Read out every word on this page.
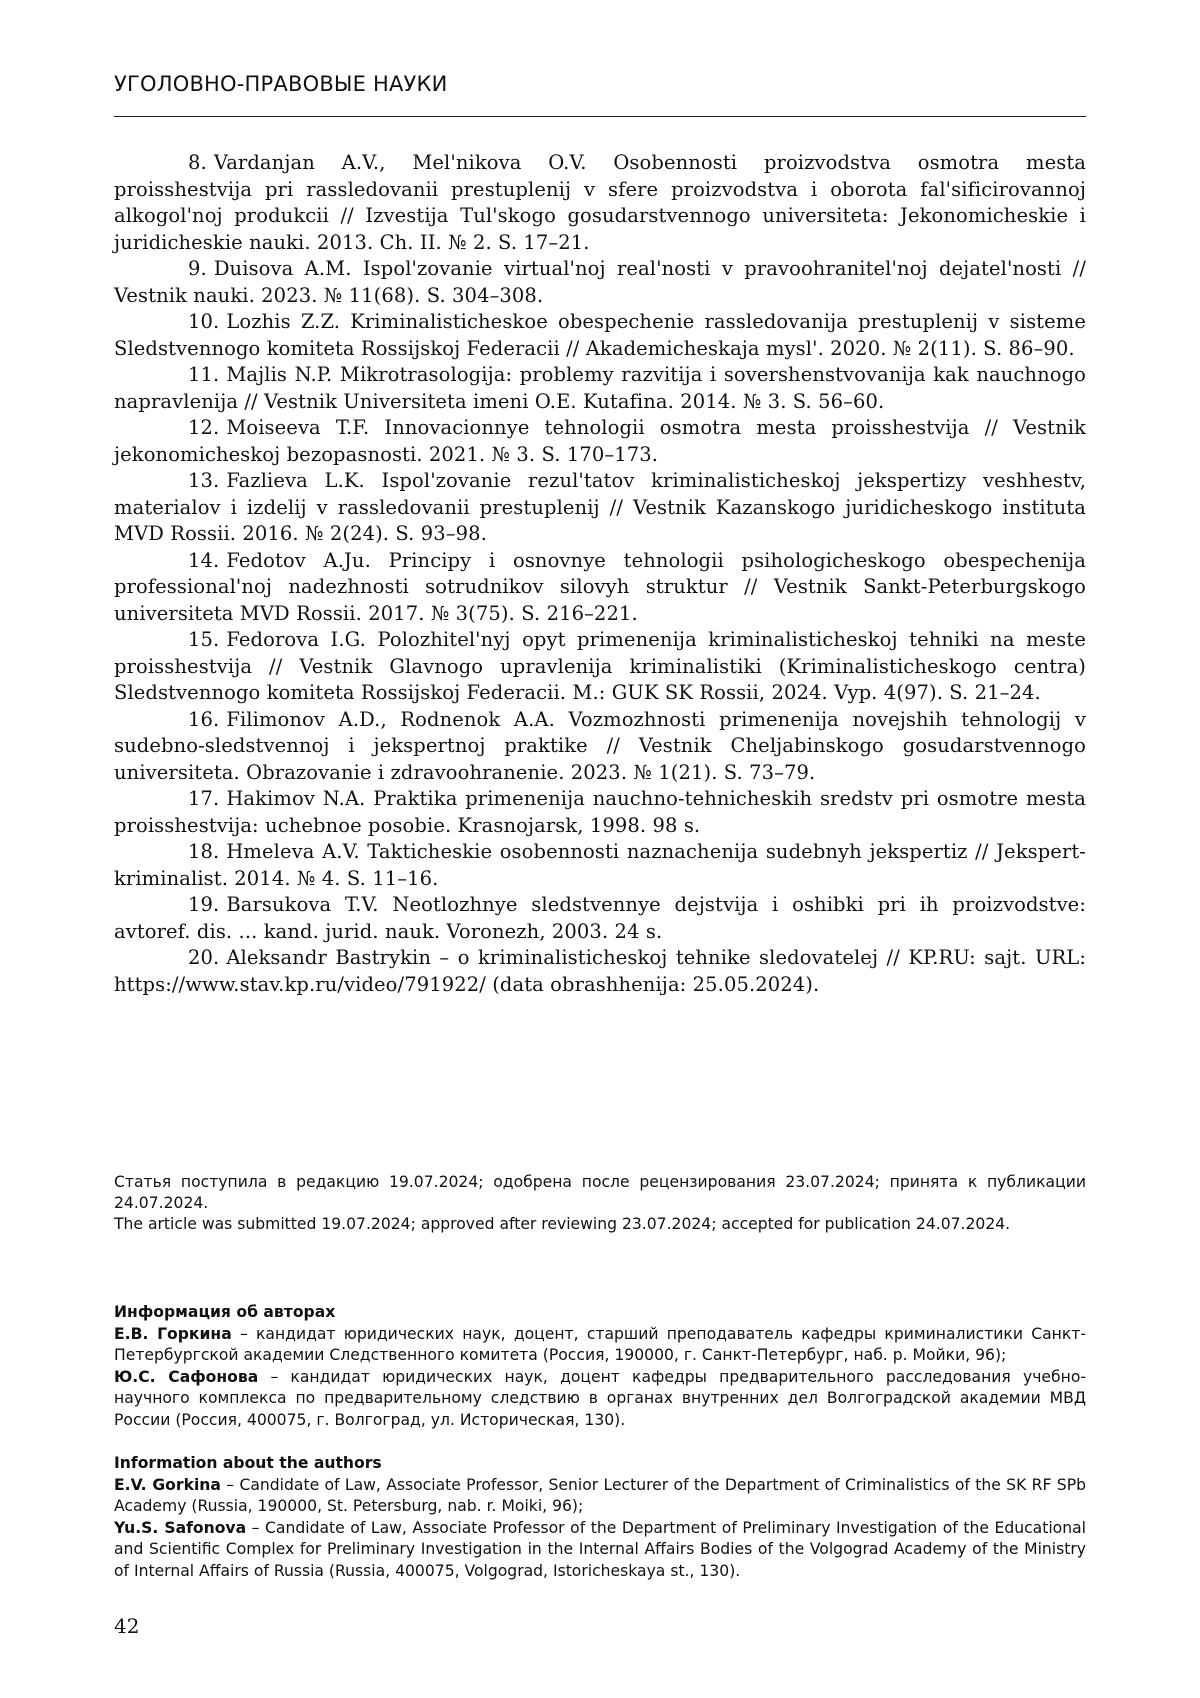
УГОЛОВНО-ПРАВОВЫЕ НАУКИ

8. Vardanjan A.V., Mel'nikova O.V. Osobennosti proizvodstva osmotra mesta proisshestvija pri rassledovanii prestuplenij v sfere proizvodstva i oborota fal'sificirovannoj alkogol'noj produkcii // Izvestija Tul'skogo gosudarstvennogo universiteta: Jekonomicheskie i juridicheskie nauki. 2013. Ch. II. № 2. S. 17–21.

9. Duisova A.M. Ispol'zovanie virtual'noj real'nosti v pravoohranitel'noj dejatel'nosti // Vestnik nauki. 2023. № 11(68). S. 304–308.

10. Lozhis Z.Z. Kriminalisticheskoe obespechenie rassledovanija prestuplenij v sisteme Sledstvennogo komiteta Rossijskoj Federacii // Akademicheskaja mysl'. 2020. № 2(11). S. 86–90.

11. Majlis N.P. Mikrotrasologija: problemy razvitija i sovershenstvovanija kak nauchnogo napravlenija // Vestnik Universiteta imeni O.E. Kutafina. 2014. № 3. S. 56–60.

12. Moiseeva T.F. Innovacionnye tehnologii osmotra mesta proisshestvija // Vestnik jekonomicheskoj bezopasnosti. 2021. № 3. S. 170–173.

13. Fazlieva L.K. Ispol'zovanie rezul'tatov kriminalisticheskoj jekspertizy veshhestv, materialov i izdelij v rassledovanii prestuplenij // Vestnik Kazanskogo juridicheskogo instituta MVD Rossii. 2016. № 2(24). S. 93–98.

14. Fedotov A.Ju. Principy i osnovnye tehnologii psihologicheskogo obespechenija professional'noj nadezhnosti sotrudnikov silovyh struktur // Vestnik Sankt-Peterburgskogo universiteta MVD Rossii. 2017. № 3(75). S. 216–221.

15. Fedorova I.G. Polozhitel'nyj opyt primenenija kriminalisticheskoj tehniki na meste proisshestvija // Vestnik Glavnogo upravlenija kriminalistiki (Kriminalisticheskogo centra) Sledstvennogo komiteta Rossijskoj Federacii. M.: GUK SK Rossii, 2024. Vyp. 4(97). S. 21–24.

16. Filimonov A.D., Rodnenok A.A. Vozmozhnosti primenenija novejshih tehnologij v sudebno-sledstvennoj i jekspertnoj praktike // Vestnik Cheljabinskogo gosudarstvennogo universiteta. Obrazovanie i zdravoohranenie. 2023. № 1(21). S. 73–79.

17. Hakimov N.A. Praktika primenenija nauchno-tehnicheskih sredstv pri osmotre mesta proisshestvija: uchebnoe posobie. Krasnojarsk, 1998. 98 s.

18. Hmeleva A.V. Takticheskie osobennosti naznachenija sudebnyh jekspertiz // Jekspert-kriminalist. 2014. № 4. S. 11–16.

19. Barsukova T.V. Neotlozhnye sledstvennye dejstvija i oshibki pri ih proizvodstve: avtoref. dis. ... kand. jurid. nauk. Voronezh, 2003. 24 s.

20. Aleksandr Bastrykin – o kriminalisticheskoj tehnike sledovatelej // KP.RU: sajt. URL: https://www.stav.kp.ru/video/791922/ (data obrashhenija: 25.05.2024).

Статья поступила в редакцию 19.07.2024; одобрена после рецензирования 23.07.2024; принята к публикации 24.07.2024.

The article was submitted 19.07.2024; approved after reviewing 23.07.2024; accepted for publication 24.07.2024.

Информация об авторах

Е.В. Горкина – кандидат юридических наук, доцент, старший преподаватель кафедры криминалистики Санкт-Петербургской академии Следственного комитета (Россия, 190000, г. Санкт-Петербург, наб. р. Мойки, 96);

Ю.С. Сафонова – кандидат юридических наук, доцент кафедры предварительного расследования учебно-научного комплекса по предварительному следствию в органах внутренних дел Волгоградской академии МВД России (Россия, 400075, г. Волгоград, ул. Историческая, 130).

Information about the authors

E.V. Gorkina – Candidate of Law, Associate Professor, Senior Lecturer of the Department of Criminalistics of the SK RF SPb Academy (Russia, 190000, St. Petersburg, nab. r. Moiki, 96);

Yu.S. Safonova – Candidate of Law, Associate Professor of the Department of Preliminary Investigation of the Educational and Scientific Complex for Preliminary Investigation in the Internal Affairs Bodies of the Volgograd Academy of the Ministry of Internal Affairs of Russia (Russia, 400075, Volgograd, Istoricheskaya st., 130).

42
